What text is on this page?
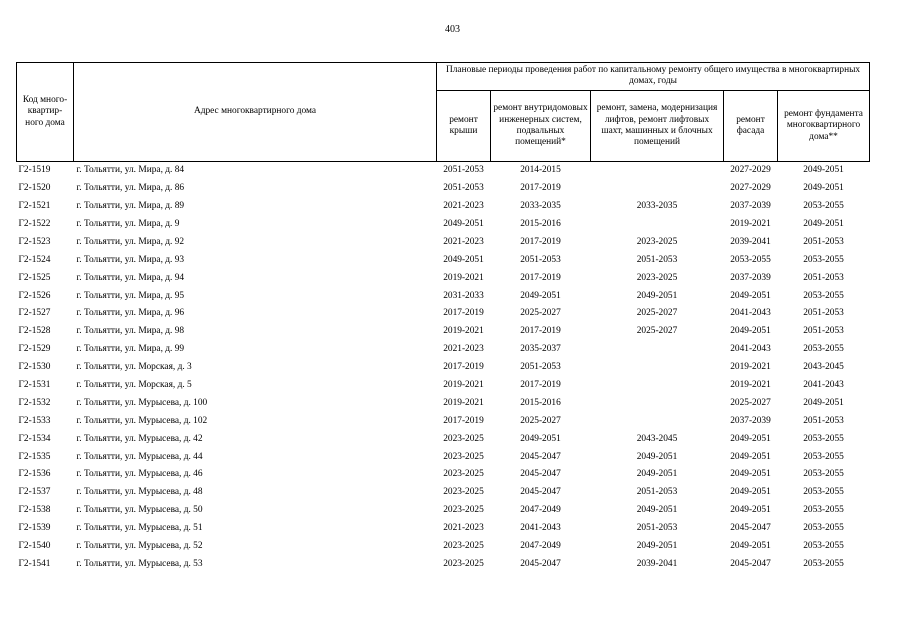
403
Код много-квартир-ного дома	Адрес многоквартирного дома	Плановые периоды проведения работ по капитальному ремонту общего имущества в многоквартирных домах, годы				
		ремонт крыши	ремонт внутридомовых инженерных систем, подвальных помещений*	ремонт, замена, модернизация лифтов, ремонт лифтовых шахт, машинных и блочных помещений	ремонт фасада	ремонт фундамента многоквартирного дома**
Г2-1519	г. Тольятти, ул. Мира, д. 84	2051-2053	2014-2015		2027-2029	2049-2051
Г2-1520	г. Тольятти, ул. Мира, д. 86	2051-2053	2017-2019		2027-2029	2049-2051
Г2-1521	г. Тольятти, ул. Мира, д. 89	2021-2023	2033-2035	2033-2035	2037-2039	2053-2055
Г2-1522	г. Тольятти, ул. Мира, д. 9	2049-2051	2015-2016		2019-2021	2049-2051
Г2-1523	г. Тольятти, ул. Мира, д. 92	2021-2023	2017-2019	2023-2025	2039-2041	2051-2053
Г2-1524	г. Тольятти, ул. Мира, д. 93	2049-2051	2051-2053	2051-2053	2053-2055	2053-2055
Г2-1525	г. Тольятти, ул. Мира, д. 94	2019-2021	2017-2019	2023-2025	2037-2039	2051-2053
Г2-1526	г. Тольятти, ул. Мира, д. 95	2031-2033	2049-2051	2049-2051	2049-2051	2053-2055
Г2-1527	г. Тольятти, ул. Мира, д. 96	2017-2019	2025-2027	2025-2027	2041-2043	2051-2053
Г2-1528	г. Тольятти, ул. Мира, д. 98	2019-2021	2017-2019	2025-2027	2049-2051	2051-2053
Г2-1529	г. Тольятти, ул. Мира, д. 99	2021-2023	2035-2037		2041-2043	2053-2055
Г2-1530	г. Тольятти, ул. Морская, д. 3	2017-2019	2051-2053		2019-2021	2043-2045
Г2-1531	г. Тольятти, ул. Морская, д. 5	2019-2021	2017-2019		2019-2021	2041-2043
Г2-1532	г. Тольятти, ул. Мурысева, д. 100	2019-2021	2015-2016		2025-2027	2049-2051
Г2-1533	г. Тольятти, ул. Мурысева, д. 102	2017-2019	2025-2027		2037-2039	2051-2053
Г2-1534	г. Тольятти, ул. Мурысева, д. 42	2023-2025	2049-2051	2043-2045	2049-2051	2053-2055
Г2-1535	г. Тольятти, ул. Мурысева, д. 44	2023-2025	2045-2047	2049-2051	2049-2051	2053-2055
Г2-1536	г. Тольятти, ул. Мурысева, д. 46	2023-2025	2045-2047	2049-2051	2049-2051	2053-2055
Г2-1537	г. Тольятти, ул. Мурысева, д. 48	2023-2025	2045-2047	2051-2053	2049-2051	2053-2055
Г2-1538	г. Тольятти, ул. Мурысева, д. 50	2023-2025	2047-2049	2049-2051	2049-2051	2053-2055
Г2-1539	г. Тольятти, ул. Мурысева, д. 51	2021-2023	2041-2043	2051-2053	2045-2047	2053-2055
Г2-1540	г. Тольятти, ул. Мурысева, д. 52	2023-2025	2047-2049	2049-2051	2049-2051	2053-2055
Г2-1541	г. Тольятти, ул. Мурысева, д. 53	2023-2025	2045-2047	2039-2041	2045-2047	2053-2055
